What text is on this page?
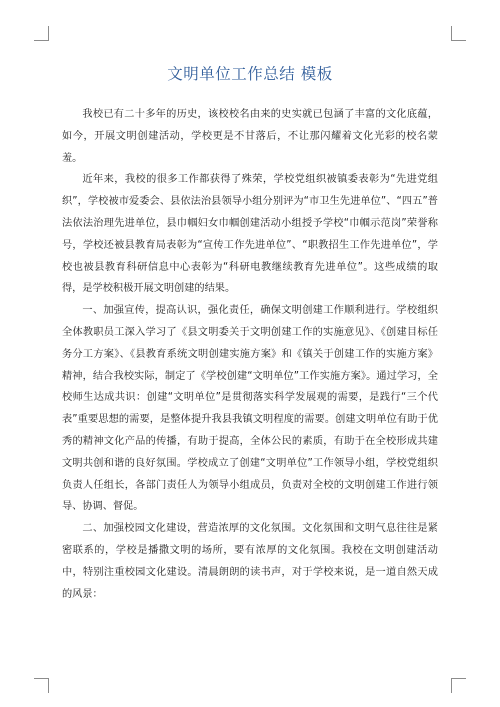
文明单位工作总结 模板

我校已有二十多年的历史，该校校名由来的史实就已包涵了丰富的文化底蕴，如今，开展文明创建活动，学校更是不甘落后，不让那闪耀着文化光彩的校名蒙羞。

近年来，我校的很多工作都获得了殊荣，学校党组织被镇委表彰为“先进党组织”，学校被市爱委会、县依法治县领导小组分别评为“市卫生先进单位”、“四五”普法依法治理先进单位，县巾帼妇女巾帼创建活动小组授予学校“巾帼示范岗”荣誉称号，学校还被县教育局表彰为“宣传工作先进单位”、“职教招生工作先进单位”，学校也被县教育科研信息中心表彰为“科研电教继续教育先进单位”。这些成绩的取得，是学校积极开展文明创建的结果。

一、加强宣传，提高认识，强化责任，确保文明创建工作顺利进行。学校组织全体教职员工深入学习了《县文明委关于文明创建工作的实施意见》、《创建目标任务分工方案》、《县教育系统文明创建实施方案》和《镇关于创建工作的实施方案》精神，结合我校实际，制定了《学校创建“文明单位”工作实施方案》。通过学习，全校师生达成共识：创建“文明单位”是贯彻落实科学发展观的需要，是践行“三个代表”重要思想的需要，是整体提升我县我镇文明程度的需要。创建文明单位有助于优秀的精神文化产品的传播，有助于提高，全体公民的素质，有助于在全校形成共建文明共创和谐的良好氛围。学校成立了创建“文明单位”工作领导小组，学校党组织负责人任组长，各部门责任人为领导小组成员，负责对全校的文明创建工作进行领导、协调、督促。

二、加强校园文化建设，营造浓厚的文化氛围。文化氛围和文明气息往往是紧密联系的，学校是播撒文明的场所，要有浓厚的文化氛围。我校在文明创建活动中，特别注重校园文化建设。清晨朗朗的读书声，对于学校来说，是一道自然天成的风景：
